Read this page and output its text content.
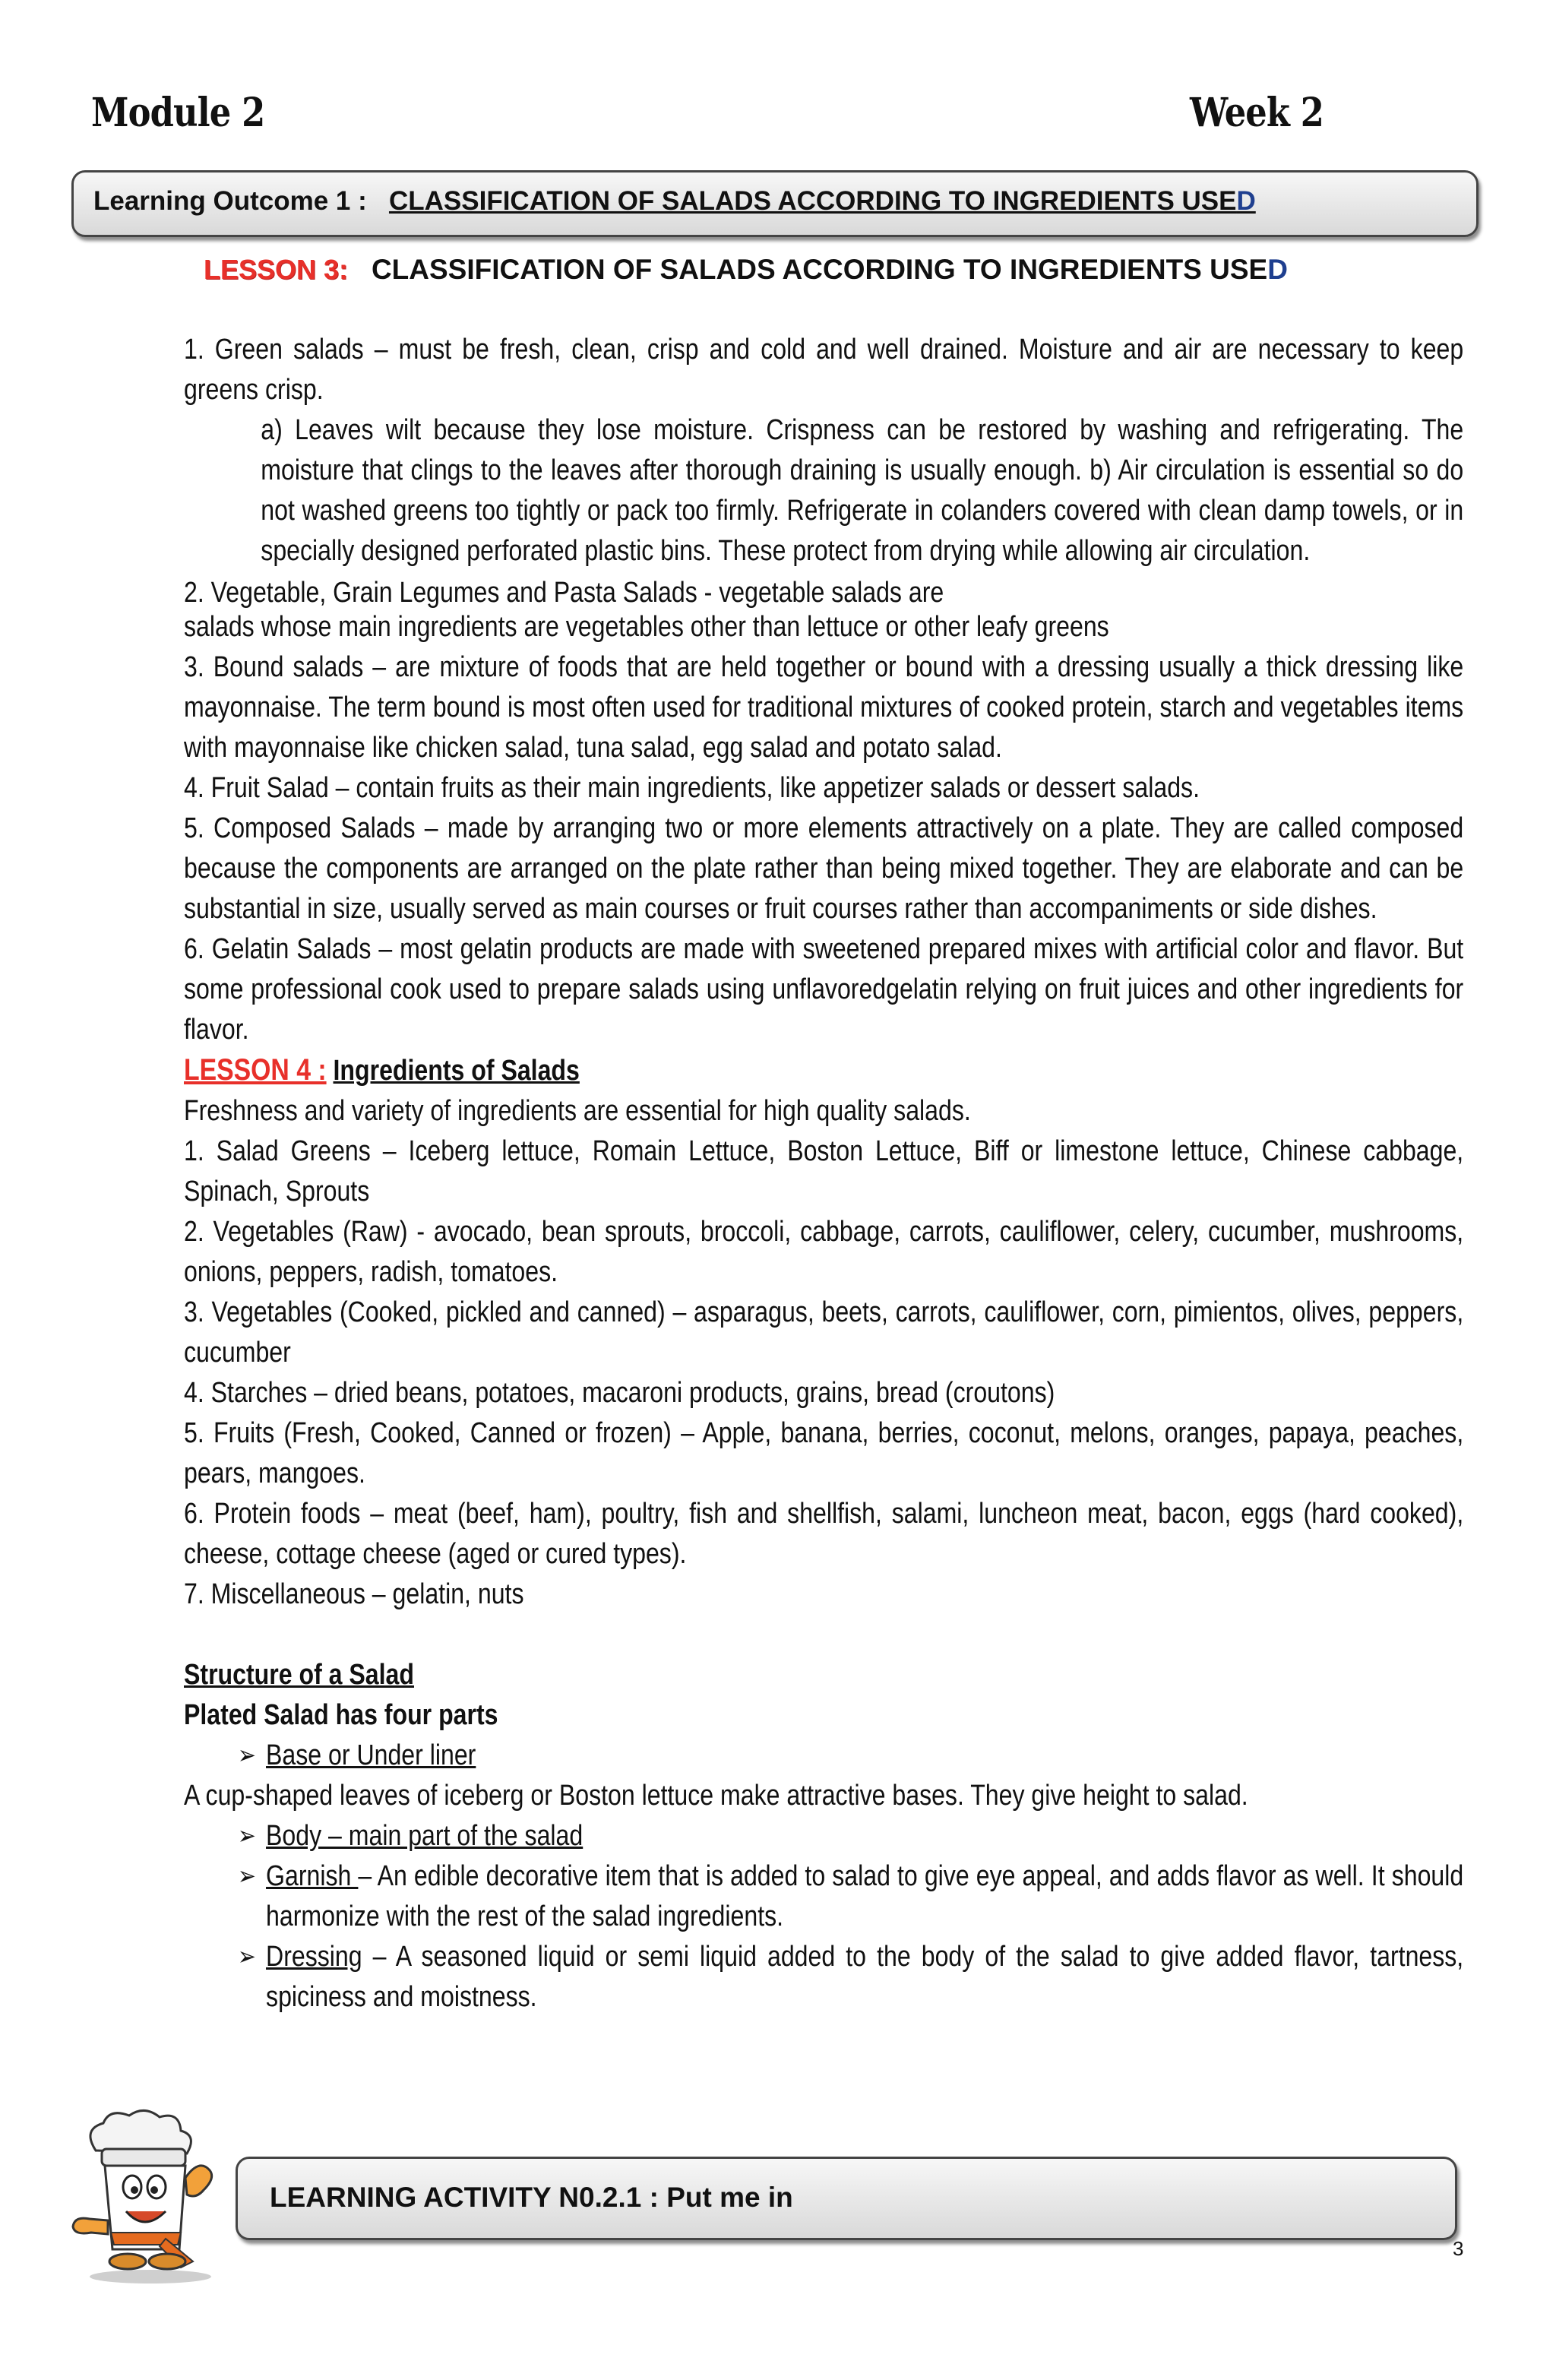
Module 2	Week 2
Learning Outcome 1 : CLASSIFICATION OF SALADS ACCORDING TO INGREDIENTS USED
LESSON 3: CLASSIFICATION OF SALADS ACCORDING TO INGREDIENTS USED

1. Green salads – must be fresh, clean, crisp and cold and well drained. Moisture and air are necessary to keep greens crisp.

a) Leaves wilt because they lose moisture. Crispness can be restored by washing and refrigerating. The moisture that clings to the leaves after thorough draining is usually enough. b) Air circulation is essential so do not washed greens too tightly or pack too firmly. Refrigerate in colanders covered with clean damp towels, or in specially designed perforated plastic bins. These protect from drying while allowing air circulation.

2. Vegetable, Grain Legumes and Pasta Salads - vegetable salads are

salads whose main ingredients are vegetables other than lettuce or other leafy greens

3. Bound salads – are mixture of foods that are held together or bound with a dressing usually a thick dressing like mayonnaise. The term bound is most often used for traditional mixtures of cooked protein, starch and vegetables items with mayonnaise like chicken salad, tuna salad, egg salad and potato salad.

4. Fruit Salad – contain fruits as their main ingredients, like appetizer salads or dessert salads.

5. Composed Salads – made by arranging two or more elements attractively on a plate. They are called composed because the components are arranged on the plate rather than being mixed together. They are elaborate and can be substantial in size, usually served as main courses or fruit courses rather than accompaniments or side dishes.

6. Gelatin Salads – most gelatin products are made with sweetened prepared mixes with artificial color and flavor. But some professional cook used to prepare salads using unflavoredgelatin relying on fruit juices and other ingredients for flavor.

LESSON 4 : Ingredients of Salads

Freshness and variety of ingredients are essential for high quality salads.

1. Salad Greens – Iceberg lettuce, Romain Lettuce, Boston Lettuce, Biff or limestone lettuce, Chinese cabbage, Spinach, Sprouts

2. Vegetables (Raw) - avocado, bean sprouts, broccoli, cabbage, carrots, cauliflower, celery, cucumber, mushrooms, onions, peppers, radish, tomatoes.

3. Vegetables (Cooked, pickled and canned) – asparagus, beets, carrots, cauliflower, corn, pimientos, olives, peppers, cucumber

4. Starches – dried beans, potatoes, macaroni products, grains, bread (croutons)

5. Fruits (Fresh, Cooked, Canned or frozen) – Apple, banana, berries, coconut, melons, oranges, papaya, peaches, pears, mangoes.

6. Protein foods – meat (beef, ham), poultry, fish and shellfish, salami, luncheon meat, bacon, eggs (hard cooked), cheese, cottage cheese (aged or cured types).

7. Miscellaneous – gelatin, nuts

Structure of a Salad

Plated Salad has four parts

➢ Base or Under liner

A cup-shaped leaves of iceberg or Boston lettuce make attractive bases. They give height to salad.

➢ Body – main part of the salad

➢ Garnish – An edible decorative item that is added to salad to give eye appeal, and adds flavor as well. It should harmonize with the rest of the salad ingredients.

➢ Dressing – A seasoned liquid or semi liquid added to the body of the salad to give added flavor, tartness, spiciness and moistness.

LEARNING ACTIVITY N0.2.1 : Put me in
3
